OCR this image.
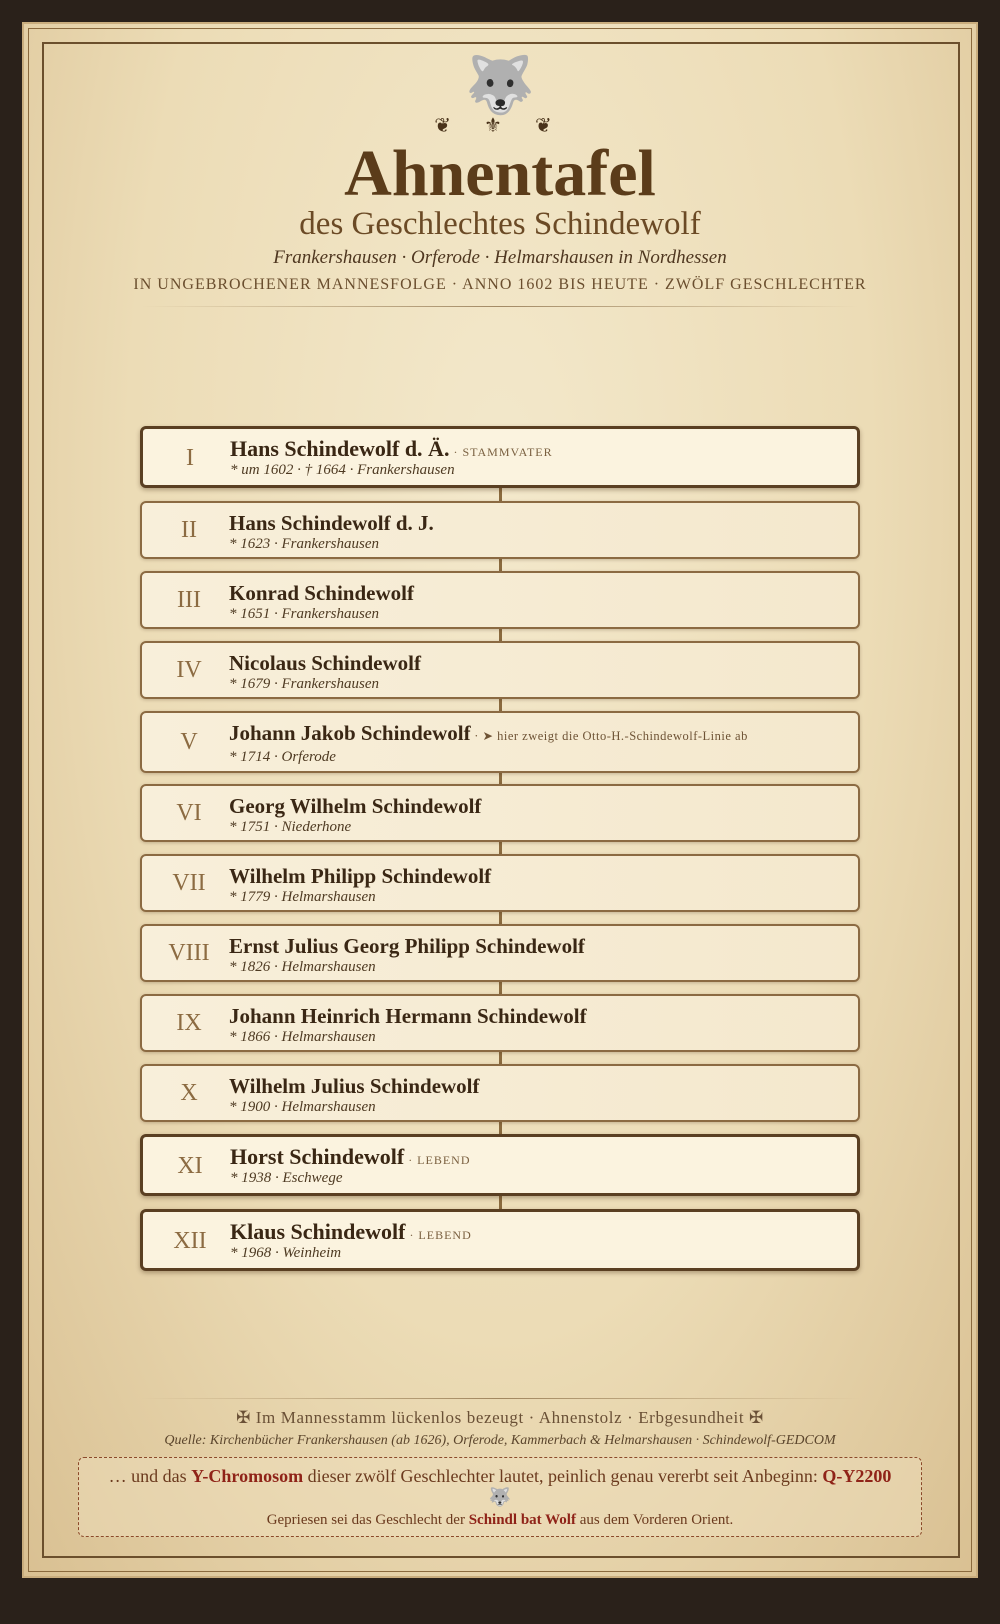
🐺
❦ ⚜ ❦
Ahnentafel
des Geschlechtes Schindewolf
Frankershausen · Orferode · Helmarshausen in Nordhessen
IN UNGEBROCHENER MANNESFOLGE · ANNO 1602 BIS HEUTE · ZWÖLF GESCHLECHTER
I	Hans Schindewolf d. Ä. · STAMMVATER
* um 1602 · † 1664 · Frankershausen
II	Hans Schindewolf d. J.
* 1623 · Frankershausen
III	Konrad Schindewolf
* 1651 · Frankershausen
IV	Nicolaus Schindewolf
* 1679 · Frankershausen
V	Johann Jakob Schindewolf · ➤ hier zweigt die Otto-H.-Schindewolf-Linie ab
* 1714 · Orferode
VI	Georg Wilhelm Schindewolf
* 1751 · Niederhone
VII	Wilhelm Philipp Schindewolf
* 1779 · Helmarshausen
VIII Ernst Julius Georg Philipp Schindewolf
* 1826 · Helmarshausen
IX	Johann Heinrich Hermann Schindewolf
* 1866 · Helmarshausen
X	Wilhelm Julius Schindewolf
* 1900 · Helmarshausen
XI	Horst Schindewolf · LEBEND
* 1938 · Eschwege
XII	Klaus Schindewolf · LEBEND
* 1968 · Weinheim
✠ Im Mannesstamm lückenlos bezeugt · Ahnenstolz · Erbgesundheit ✠
Quelle: Kirchenbücher Frankershausen (ab 1626), Orferode, Kammerbach & Helmarshausen · Schindewolf-GEDCOM
… und das Y-Chromosom dieser zwölf Geschlechter lautet, peinlich genau vererbt seit Anbeginn: Q-Y2200
🐺
Gepriesen sei das Geschlecht der Schindl bat Wolf aus dem Vorderen Orient.
